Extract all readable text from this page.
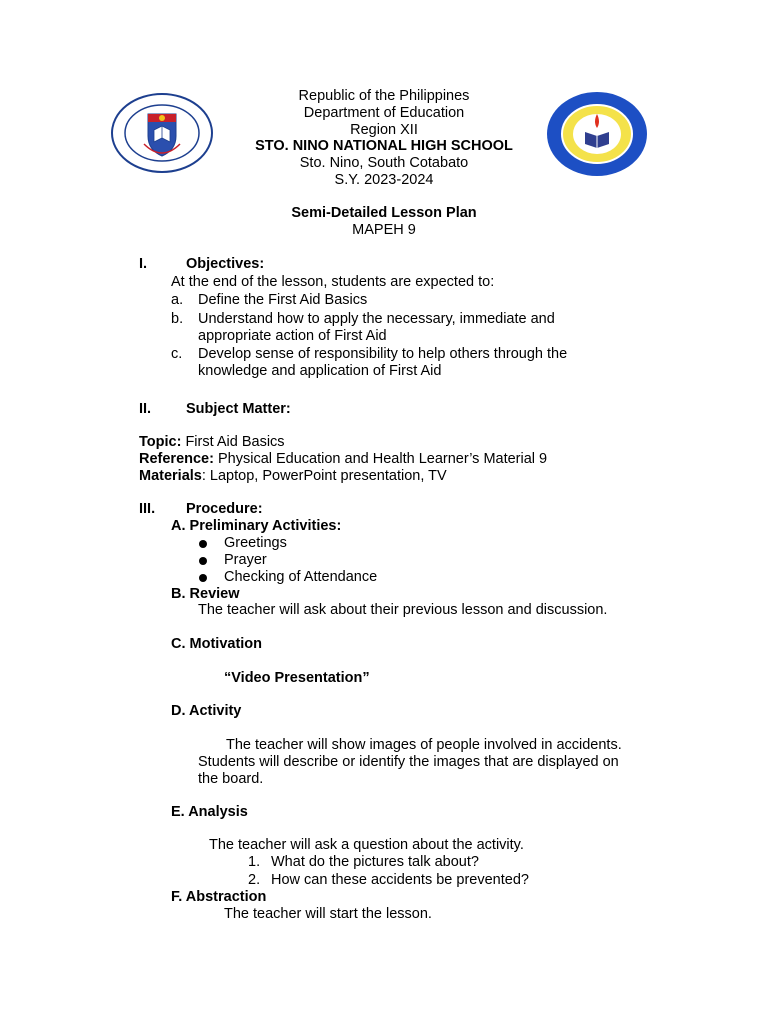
Republic of the Philippines
Department of Education
Region XII
STO. NINO NATIONAL HIGH SCHOOL
Sto. Nino, South Cotabato
S.Y. 2023-2024
Semi-Detailed Lesson Plan
MAPEH 9
I.	Objectives:
At the end of the lesson, students are expected to:
a. Define the First Aid Basics
b. Understand how to apply the necessary, immediate and
appropriate action of First Aid
c. Develop sense of responsibility to help others through the
knowledge and application of First Aid
II. Subject Matter:
Topic: First Aid Basics
Reference: Physical Education and Health Learner’s Material 9
Materials: Laptop, PowerPoint presentation, TV
III. Procedure:
A. Preliminary Activities:
Greetings
Prayer
Checking of Attendance
B. Review
The teacher will ask about their previous lesson and discussion.
C. Motivation
“Video Presentation”
D. Activity
The teacher will show images of people involved in accidents.
Students will describe or identify the images that are displayed on
the board.
E. Analysis
The teacher will ask a question about the activity.
1. What do the pictures talk about?
2. How can these accidents be prevented?
F. Abstraction
The teacher will start the lesson.
